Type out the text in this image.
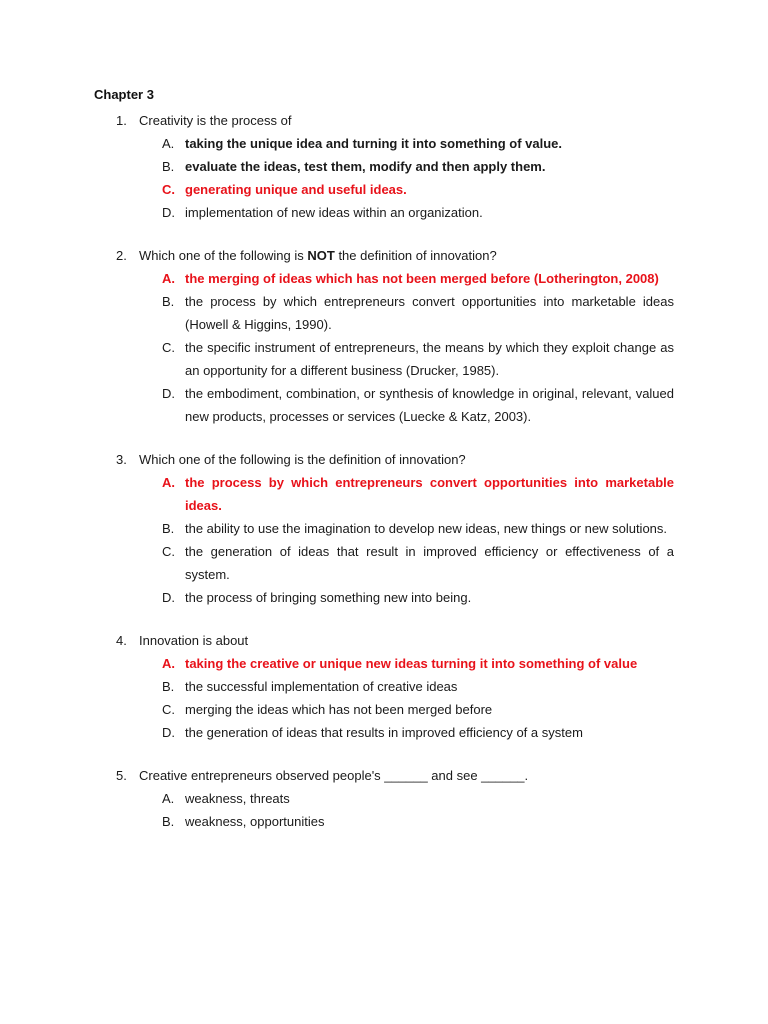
Chapter 3
1. Creativity is the process of
A. taking the unique idea and turning it into something of value.
B. evaluate the ideas, test them, modify and then apply them.
C. generating unique and useful ideas.
D. implementation of new ideas within an organization.
2. Which one of the following is NOT the definition of innovation?
A. the merging of ideas which has not been merged before (Lotherington, 2008)
B. the process by which entrepreneurs convert opportunities into marketable ideas (Howell & Higgins, 1990).
C. the specific instrument of entrepreneurs, the means by which they exploit change as an opportunity for a different business (Drucker, 1985).
D. the embodiment, combination, or synthesis of knowledge in original, relevant, valued new products, processes or services (Luecke & Katz, 2003).
3. Which one of the following is the definition of innovation?
A. the process by which entrepreneurs convert opportunities into marketable ideas.
B. the ability to use the imagination to develop new ideas, new things or new solutions.
C. the generation of ideas that result in improved efficiency or effectiveness of a system.
D. the process of bringing something new into being.
4. Innovation is about
A. taking the creative or unique new ideas turning it into something of value
B. the successful implementation of creative ideas
C. merging the ideas which has not been merged before
D. the generation of ideas that results in improved efficiency of a system
5. Creative entrepreneurs observed people's ______ and see ______.
A. weakness, threats
B. weakness, opportunities
